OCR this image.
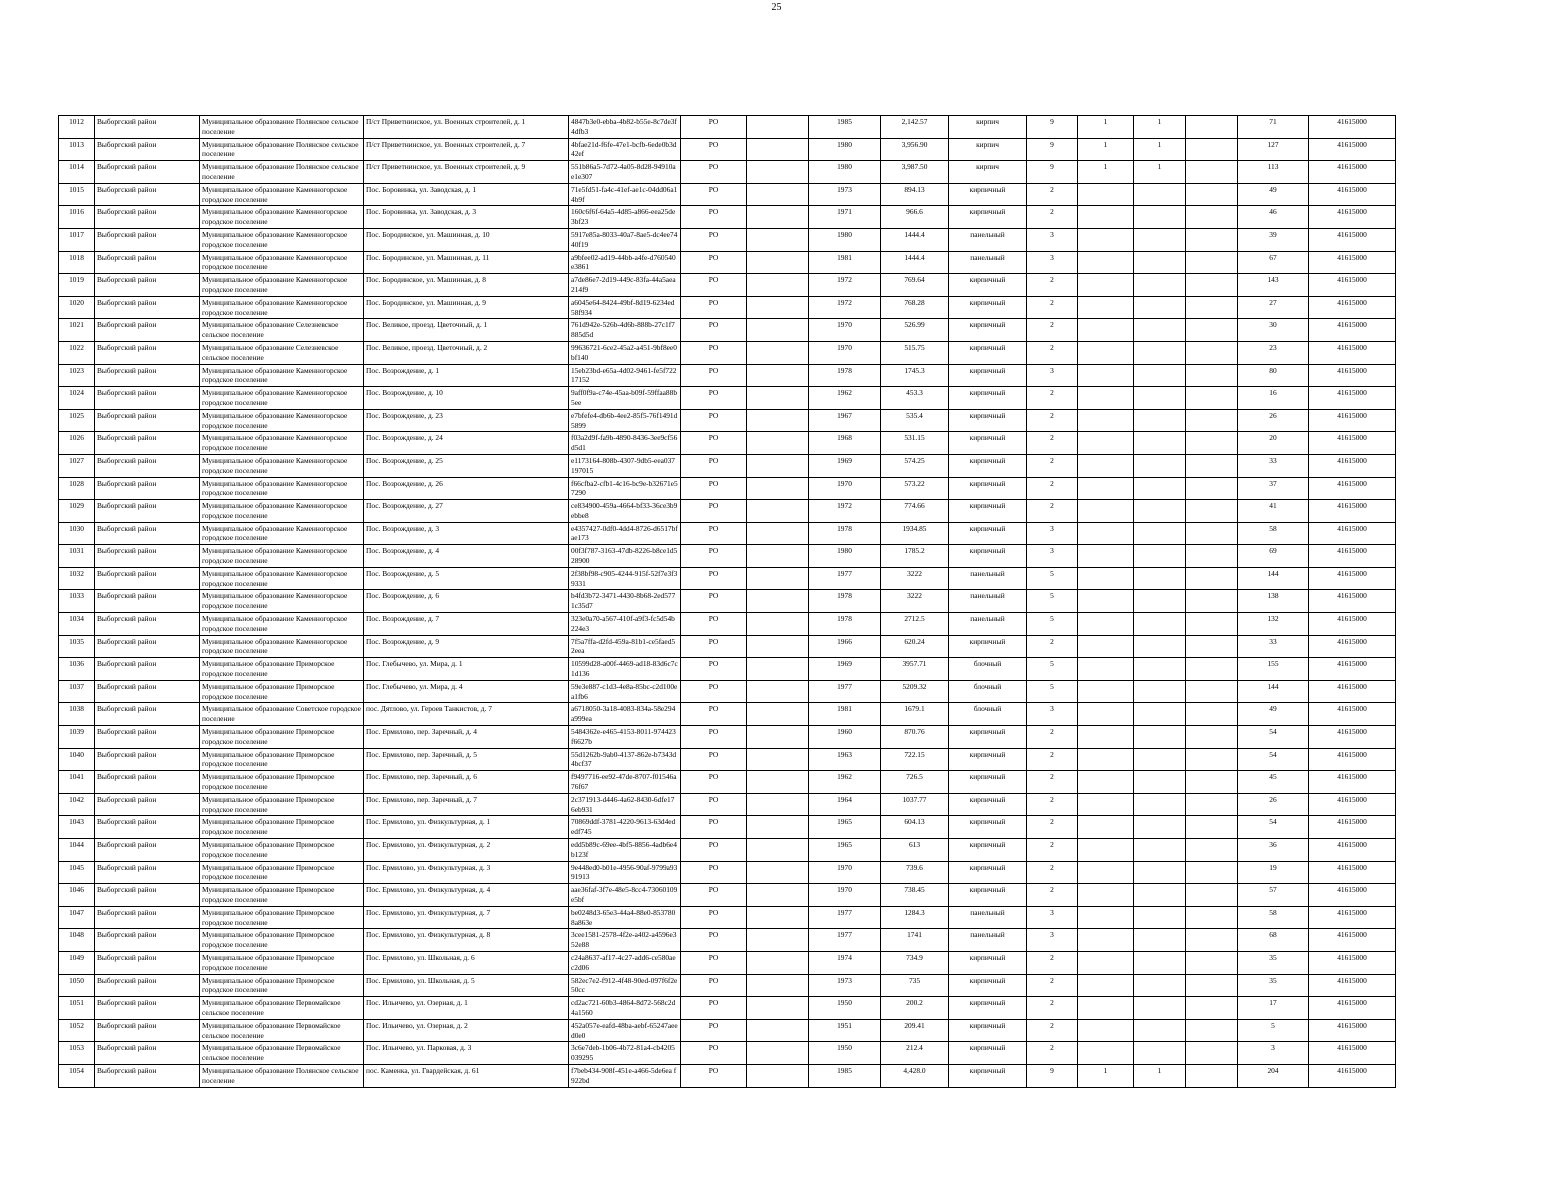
25
1012	Выборгский район	Муниципальное образование Полянское сельское поселение	П/ст Приветнинское, ул. Военных строителей, д. 1	4847b3e0-ebba-4b82-b55e-8c7de3f4dfb3	РО		1985	2,142.57	кирпич	9	1	1		71	41615000
1013	Выборгский район	Муниципальное образование Полянское сельское поселение	П/ст Приветнинское, ул. Военных строителей, д. 7	4bfae21d-f6fe-47e1-bcfb-6ede0b3d42ef	РО		1980	3,956.90	кирпич	9	1	1		127	41615000
1014	Выборгский район	Муниципальное образование Полянское сельское поселение	П/ст Приветнинское, ул. Военных строителей, д. 9	551b86a5-7d72-4a05-8d28-94910ae1e307	РО		1980	3,987.50	кирпич	9	1	1		113	41615000
1015	Выборгский район	Муниципальное образование Каменногорское городское поселение	Пос. Боровинка, ул. Заводская, д. 1	71e5fd51-fa4c-41ef-ae1c-04dd06a14b9f	РО		1973	894.13	кирпичный	2				49	41615000
1016	Выборгский район	Муниципальное образование Каменногорское городское поселение	Пос. Боровинка, ул. Заводская, д. 3	160c6f6f-64a5-4d85-a866-eea25de3bf23	РО		1971	966.6	кирпичный	2				46	41615000
1017	Выборгский район	Муниципальное образование Каменногорское городское поселение	Пос. Бородинское, ул. Машинная, д. 10	5917e85a-8033-40a7-8ae5-dc4ee7440f19	РО		1980	1444.4	панельный	3				39	41615000
1018	Выборгский район	Муниципальное образование Каменногорское городское поселение	Пос. Бородинское, ул. Машинная, д. 11	a9bfee02-ad19-44bb-a4fe-d760540e3861	РО		1981	1444.4	панельный	3				67	41615000
1019	Выборгский район	Муниципальное образование Каменногорское городское поселение	Пос. Бородинское, ул. Машинная, д. 8	a7de86e7-2d19-449c-83fa-44a5aea214f9	РО		1972	769.64	кирпичный	2				143	41615000
1020	Выборгский район	Муниципальное образование Каменногорское городское поселение	Пос. Бородинское, ул. Машинная, д. 9	a6045e64-8424-49bf-8d19-6234ed58f934	РО		1972	768.28	кирпичный	2				27	41615000
1021	Выборгский район	Муниципальное образование Селезневское сельское поселение	Пос. Великое, проезд. Цветочный, д. 1	761d942e-526b-4d6b-888b-27c1f7885d5d	РО		1970	526.99	кирпичный	2				30	41615000
1022	Выборгский район	Муниципальное образование Селезневское сельское поселение	Пос. Великое, проезд. Цветочный, д. 2	99636721-6ce2-45a2-a451-9bf8ee0bf140	РО		1970	515.75	кирпичный	2				23	41615000
1023	Выборгский район	Муниципальное образование Каменногорское городское поселение	Пос. Возрождение, д. 1	15eb23bd-e65a-4d02-9461-fe5f72217152	РО		1978	1745.3	кирпичный	3				80	41615000
1024	Выборгский район	Муниципальное образование Каменногорское городское поселение	Пос. Возрождение, д. 10	9aff0f9a-c74e-45aa-b09f-59ffaa88b5ee	РО		1962	453.3	кирпичный	2				16	41615000
1025	Выборгский район	Муниципальное образование Каменногорское городское поселение	Пос. Возрождение, д. 23	e7bfefe4-db6b-4ee2-85f5-76f1491d5899	РО		1967	535.4	кирпичный	2				26	41615000
1026	Выборгский район	Муниципальное образование Каменногорское городское поселение	Пос. Возрождение, д. 24	f03a2d9f-fa9b-4890-8436-3ee9cf56d5d1	РО		1968	531.15	кирпичный	2				20	41615000
1027	Выборгский район	Муниципальное образование Каменногорское городское поселение	Пос. Возрождение, д. 25	e1173164-808b-4307-9db5-eea037197015	РО		1969	574.25	кирпичный	2				33	41615000
1028	Выборгский район	Муниципальное образование Каменногорское городское поселение	Пос. Возрождение, д. 26	f66cfba2-cfb1-4c16-bc9e-b32671e57290	РО		1970	573.22	кирпичный	2				37	41615000
1029	Выборгский район	Муниципальное образование Каменногорское городское поселение	Пос. Возрождение, д. 27	ce834900-459a-4664-bf33-36ce3b9ebbe8	РО		1972	774.66	кирпичный	2				41	41615000
1030	Выборгский район	Муниципальное образование Каменногорское городское поселение	Пос. Возрождение, д. 3	e4357427-0df0-4dd4-8726-d6517bfae173	РО		1978	1934.85	кирпичный	3				58	41615000
1031	Выборгский район	Муниципальное образование Каменногорское городское поселение	Пос. Возрождение, д. 4	00f3f787-3163-47db-8226-b8ce1d528900	РО		1980	1785.2	кирпичный	3				69	41615000
1032	Выборгский район	Муниципальное образование Каменногорское городское поселение	Пос. Возрождение, д. 5	2f38bf98-c905-4244-915f-52f7e3f39331	РО		1977	3222	панельный	5				144	41615000
1033	Выборгский район	Муниципальное образование Каменногорское городское поселение	Пос. Возрождение, д. 6	b4fd3b72-3471-4430-8b68-2ed5771c35d7	РО		1978	3222	панельный	5				138	41615000
1034	Выборгский район	Муниципальное образование Каменногорское городское поселение	Пос. Возрождение, д. 7	323e0a70-a567-410f-a9f3-fc5d54b224e3	РО		1978	2712.5	панельный	5				132	41615000
1035	Выборгский район	Муниципальное образование Каменногорское городское поселение	Пос. Возрождение, д. 9	7f5a7ffa-d2fd-459a-81b1-ce5faed52eea	РО		1966	620.24	кирпичный	2				33	41615000
1036	Выборгский район	Муниципальное образование Приморское городское поселение	Пос. Глебычево, ул. Мира, д. 1	10599d28-a00f-4469-ad18-83d6c7c1d136	РО		1969	3957.71	блочный	5				155	41615000
1037	Выборгский район	Муниципальное образование Приморское городское поселение	Пос. Глебычево, ул. Мира, д. 4	59e3e887-c1d3-4e8a-85bc-c2d100ea1fb6	РО		1977	5209.32	блочный	5				144	41615000
1038	Выборгский район	Муниципальное образование Советское городское поселение	пос. Дятлово, ул. Героев Танкистов, д. 7	a6718050-3a18-4083-834a-58e294a999ea	РО		1981	1679.1	блочный	3				49	41615000
1039	Выборгский район	Муниципальное образование Приморское городское поселение	Пос. Ермилово, пер. Заречный, д. 4	5484362e-e465-4153-8011-974423f6627b	РО		1960	870.76	кирпичный	2				54	41615000
1040	Выборгский район	Муниципальное образование Приморское городское поселение	Пос. Ермилово, пер. Заречный, д. 5	55d1262b-9ab0-4137-862e-b7343d4bcf37	РО		1963	722.15	кирпичный	2				54	41615000
1041	Выборгский район	Муниципальное образование Приморское городское поселение	Пос. Ермилово, пер. Заречный, д. 6	f9497716-ee92-47de-8707-f01546a76f67	РО		1962	726.5	кирпичный	2				45	41615000
1042	Выборгский район	Муниципальное образование Приморское городское поселение	Пос. Ермилово, пер. Заречный, д. 7	2c371913-d446-4a62-8430-6dfe176eb931	РО		1964	1037.77	кирпичный	2				26	41615000
1043	Выборгский район	Муниципальное образование Приморское городское поселение	Пос. Ермилово, ул. Физкультурная, д. 1	70869ddf-3781-4220-9613-63d4ededf745	РО		1965	604.13	кирпичный	2				54	41615000
1044	Выборгский район	Муниципальное образование Приморское городское поселение	Пос. Ермилово, ул. Физкультурная, д. 2	edd5b89c-69ee-4bf5-8856-4adb6e4b123f	РО		1965	613	кирпичный	2				36	41615000
1045	Выборгский район	Муниципальное образование Приморское городское поселение	Пос. Ермилово, ул. Физкультурная, д. 3	9e448ed0-b01e-4956-90af-9799a9391913	РО		1970	739.6	кирпичный	2				19	41615000
1046	Выборгский район	Муниципальное образование Приморское городское поселение	Пос. Ермилово, ул. Физкультурная, д. 4	aae36faf-3f7e-48e5-8cc4-73060109e5bf	РО		1970	738.45	кирпичный	2				57	41615000
1047	Выборгский район	Муниципальное образование Приморское городское поселение	Пос. Ермилово, ул. Физкультурная, д. 7	be0248d3-65e3-44a4-88e0-8537808a863e	РО		1977	1284.3	панельный	3				58	41615000
1048	Выборгский район	Муниципальное образование Приморское городское поселение	Пос. Ермилово, ул. Физкультурная, д. 8	3cee1581-2578-4f2e-a402-a4596e352e88	РО		1977	1741	панельный	3				68	41615000
1049	Выборгский район	Муниципальное образование Приморское городское поселение	Пос. Ермилово, ул. Школьная, д. 6	c24a8637-af17-4c27-add6-ce580aec2d06	РО		1974	734.9	кирпичный	2				35	41615000
1050	Выборгский район	Муниципальное образование Приморское городское поселение	Пос. Ермилово, ул. Школьная, д. 5	582ec7e2-f912-4f48-90ed-097f6f2e50cc	РО		1973	735	кирпичный	2				35	41615000
1051	Выборгский район	Муниципальное образование Первомайское сельское поселение	Пос. Ильичево, ул. Озерная, д. 1	cd2ac721-60b3-4864-8d72-568c2d4a1560	РО		1950	200.2	кирпичный	2				17	41615000
1052	Выборгский район	Муниципальное образование Первомайское сельское поселение	Пос. Ильичево, ул. Озерная, д. 2	452a057e-eafd-48ba-aebf-65247aeed0e0	РО		1951	209.41	кирпичный	2				5	41615000
1053	Выборгский район	Муниципальное образование Первомайское сельское поселение	Пос. Ильичево, ул. Парковая, д. 3	3c6e7deb-1b06-4b72-81a4-cb4205039295	РО		1950	212.4	кирпичный	2				3	41615000
1054	Выборгский район	Муниципальное образование Полянское сельское поселение	пос. Каменка, ул. Гвардейская, д. 61	f7beb434-908f-451e-a466-5de6ea f922bd	РО		1985	4,428.0	кирпичный	9	1	1		204	41615000
